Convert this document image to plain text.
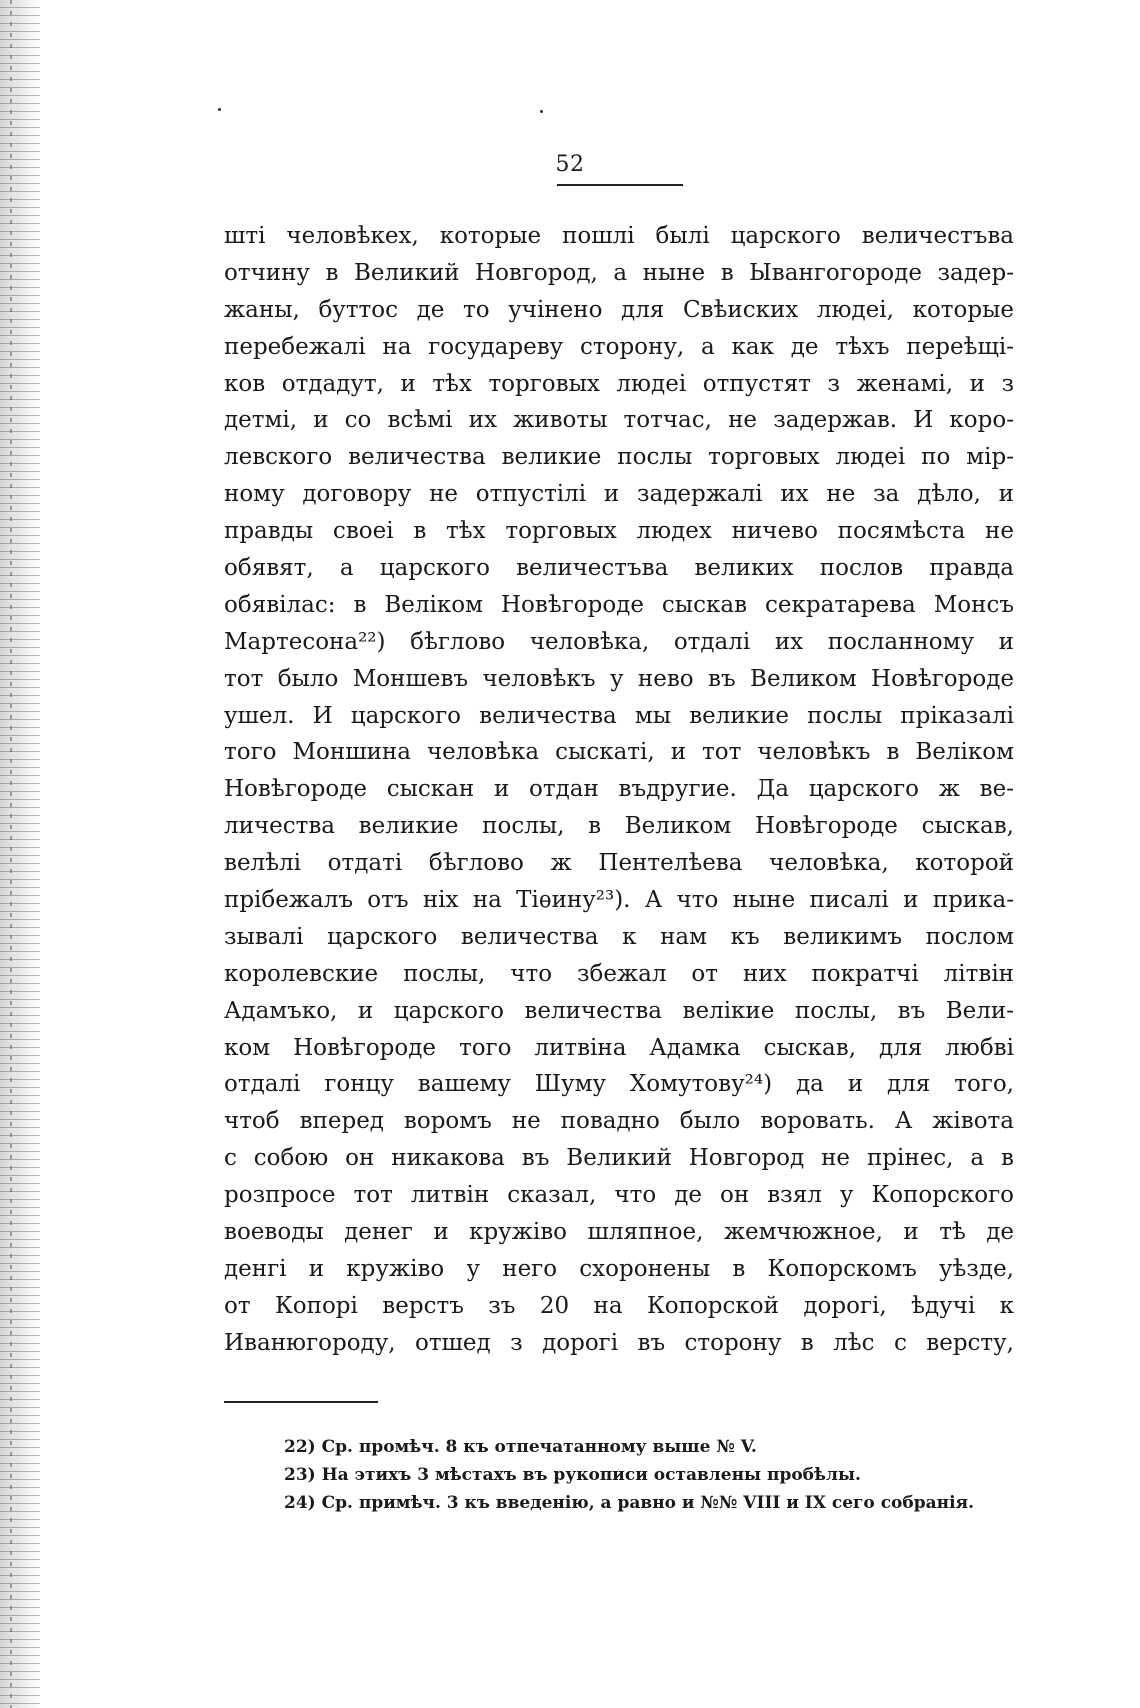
52
шті человѣкех, которые пошлі былі царского величестъва
отчину в Великий Новгород, а ныне в Ывангогороде задер-
жаны, буттос де то учінено для Свѣиских людеі, которые
перебежалі на государеву сторону, а как де тѣхъ переѣщі-
ков отдадут, и тѣх торговых людеі отпустят з женамі, и з
детмі, и со всѣмі их животы тотчас, не задержав. И коро-
левского величества великие послы торговых людеі по мір-
ному договору не отпустілі и задержалі их не за дѣло, и
правды своеі в тѣх торговых людех ничево посямѣста не
обявят, а царского величестъва великих послов правда
обявілас: в Веліком Новѣгороде сыскав секратарева Монсъ
Мартесона²²) бѣглово человѣка, отдалі их посланному и
тот было Моншевъ человѣкъ у нево въ Великом Новѣгороде
ушел. И царского величества мы великие послы пріказалі
того Моншина человѣка сыскаті, и тот человѣкъ в Веліком
Новѣгороде сыскан и отдан въдругие. Да царского ж ве-
личества великие послы, в Великом Новѣгороде сыскав,
велѣлі отдаті бѣглово ж Пентелѣева человѣка, которой
прібежалъ отъ ніх на Тіѳину²³). А что ныне писалі и прика-
зывалі царского величества к нам къ великимъ послом
королевские послы, что збежал от них пократчі літвін
Адамъко, и царского величества велікие послы, въ Вели-
ком Новѣгороде того литвіна Адамка сыскав, для любві
отдалі гонцу вашему Шуму Хомутову²⁴) да и для того,
чтоб вперед воромъ не повадно было воровать. А жівота
с собою он никакова въ Великий Новгород не прінес, а в
розпросе тот литвін сказал, что де он взял у Копорского
воеводы денег и кружіво шляпное, жемчюжное, и тѣ де
денгі и кружіво у него схоронены в Копорскомъ уѣзде,
от Копорі верстъ зъ 20 на Копорской дорогі, ѣдучі к
Иванюгороду, отшед з дорогі въ сторону в лѣс с версту,
22) Ср. промѣч. 8 къ отпечатанному выше № V.
23) На этихъ 3 мѣстахъ въ рукописи оставлены пробѣлы.
24) Ср. примѣч. 3 къ введенію, а равно и №№ VIII и IX сего собранія.
